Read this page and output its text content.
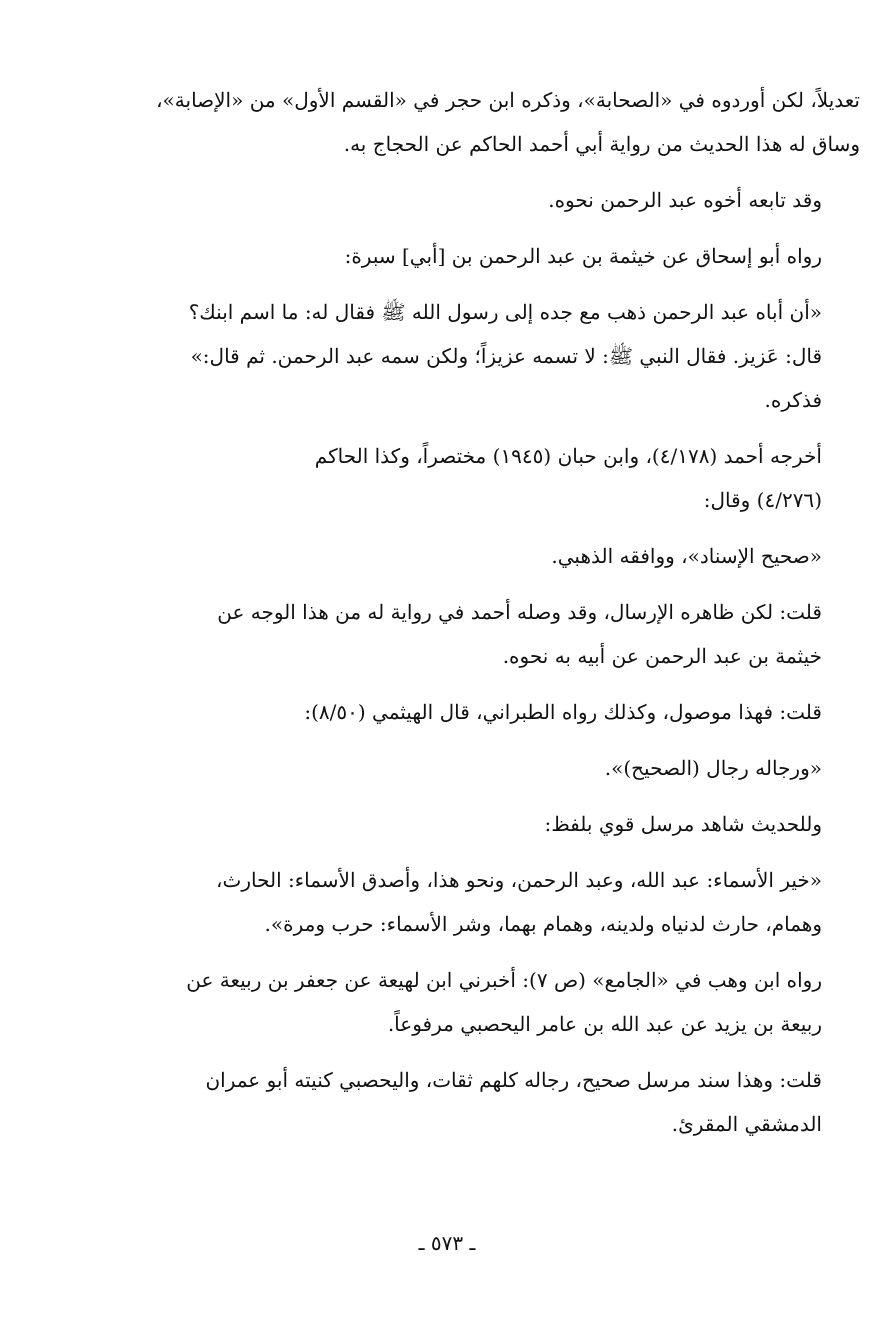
تعديلاً، لكن أوردوه في «الصحابة»، وذكره ابن حجر في «القسم الأول» من «الإصابة»،
وساق له هذا الحديث من رواية أبي أحمد الحاكم عن الحجاج به.

وقد تابعه أخوه عبد الرحمن نحوه.

رواه أبو إسحاق عن خيثمة بن عبد الرحمن بن [أبي] سبرة:

«أن أباه عبد الرحمن ذهب مع جده إلى رسول الله ﷺ فقال له: ما اسم ابنك؟
قال: عَزيز. فقال النبي ﷺ: لا تسمه عزيزاً؛ ولكن سمه عبد الرحمن. ثم قال:»
فذكره.

أخرجه أحمد (٤/١٧٨)، وابن حبان (١٩٤٥) مختصراً، وكذا الحاكم
(٤/٢٧٦) وقال:

«صحيح الإسناد»، ووافقه الذهبي.

قلت: لكن ظاهره الإرسال، وقد وصله أحمد في رواية له من هذا الوجه عن
خيثمة بن عبد الرحمن عن أبيه به نحوه.

قلت: فهذا موصول، وكذلك رواه الطبراني، قال الهيثمي (٨/٥٠):

«ورجاله رجال (الصحيح)».

وللحديث شاهد مرسل قوي بلفظ:

«خير الأسماء: عبد الله، وعبد الرحمن، ونحو هذا، وأصدق الأسماء: الحارث،
وهمام، حارث لدنياه ولدينه، وهمام بهما، وشر الأسماء: حرب ومرة».

رواه ابن وهب في «الجامع» (ص ٧): أخبرني ابن لهيعة عن جعفر بن ربيعة عن
ربيعة بن يزيد عن عبد الله بن عامر اليحصبي مرفوعاً.

قلت: وهذا سند مرسل صحيح، رجاله كلهم ثقات، واليحصبي كنيته أبو عمران
الدمشقي المقرئ.

ـ ٥٧٣ ـ
